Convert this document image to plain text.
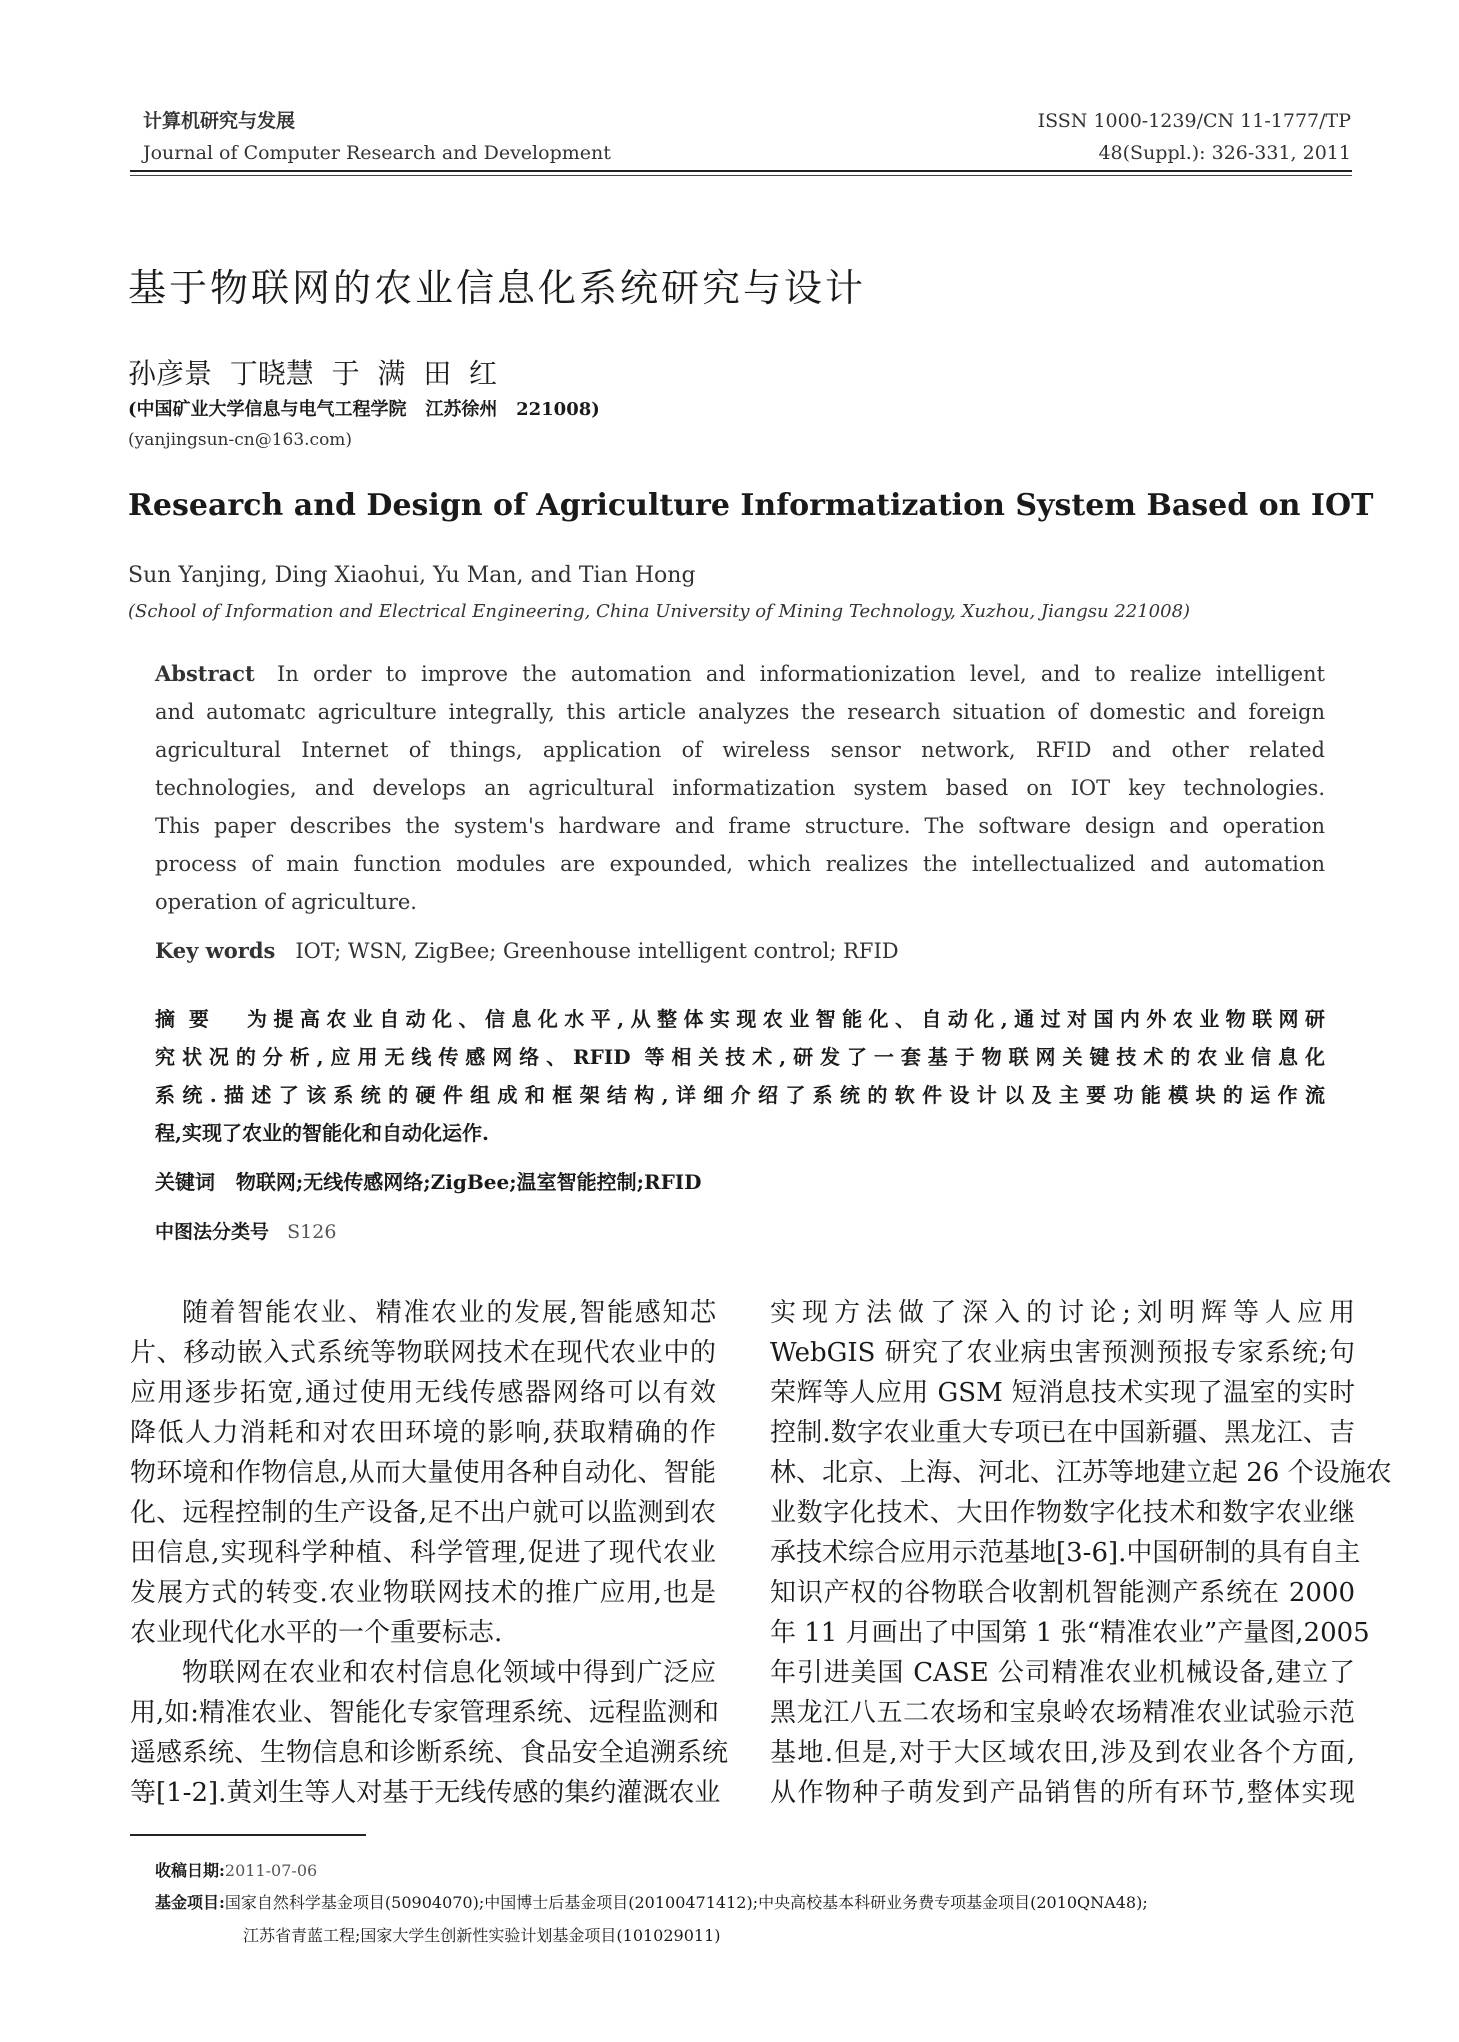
计算机研究与发展
Journal of Computer Research and Development
ISSN 1000-1239/CN 11-1777/TP
48(Suppl.): 326-331, 2011
基于物联网的农业信息化系统研究与设计
孙彦景  丁晓慧  于  满  田  红
(中国矿业大学信息与电气工程学院   江苏徐州   221008)
(yanjingsun-cn@163.com)
Research and Design of Agriculture Informatization System Based on IOT
Sun Yanjing, Ding Xiaohui, Yu Man, and Tian Hong
(School of Information and Electrical Engineering, China University of Mining Technology, Xuzhou, Jiangsu 221008)
Abstract In order to improve the automation and informationization level, and to realize intelligent
and automatc agriculture integrally, this article analyzes the research situation of domestic and foreign
agricultural Internet of things, application of wireless sensor network, RFID and other related
technologies, and develops an agricultural informatization system based on IOT key technologies.
This paper describes the system's hardware and frame structure. The software design and operation
process of main function modules are expounded, which realizes the intellectualized and automation
operation of agriculture.
Key words IOT; WSN, ZigBee; Greenhouse intelligent control; RFID
摘  要 为提高农业自动化、信息化水平,从整体实现农业智能化、自动化,通过对国内外农业物联网研
究状况的分析,应用无线传感网络、RFID 等相关技术,研发了一套基于物联网关键技术的农业信息化
系统.描述了该系统的硬件组成和框架结构,详细介绍了系统的软件设计以及主要功能模块的运作流
程,实现了农业的智能化和自动化运作.
关键词 物联网;无线传感网络;ZigBee;温室智能控制;RFID
中图法分类号 S126
随着智能农业、精准农业的发展,智能感知芯
片、移动嵌入式系统等物联网技术在现代农业中的
应用逐步拓宽,通过使用无线传感器网络可以有效
降低人力消耗和对农田环境的影响,获取精确的作
物环境和作物信息,从而大量使用各种自动化、智能
化、远程控制的生产设备,足不出户就可以监测到农
田信息,实现科学种植、科学管理,促进了现代农业
发展方式的转变.农业物联网技术的推广应用,也是
农业现代化水平的一个重要标志.
物联网在农业和农村信息化领域中得到广泛应
用,如:精准农业、智能化专家管理系统、远程监测和
遥感系统、生物信息和诊断系统、食品安全追溯系统
等[1-2].黄刘生等人对基于无线传感的集约灌溉农业
实现方法做了深入的讨论;刘明辉等人应用
WebGIS 研究了农业病虫害预测预报专家系统;句
荣辉等人应用 GSM 短消息技术实现了温室的实时
控制.数字农业重大专项已在中国新疆、黑龙江、吉
林、北京、上海、河北、江苏等地建立起 26 个设施农
业数字化技术、大田作物数字化技术和数字农业继
承技术综合应用示范基地[3-6].中国研制的具有自主
知识产权的谷物联合收割机智能测产系统在 2000
年 11 月画出了中国第 1 张“精准农业”产量图,2005
年引进美国 CASE 公司精准农业机械设备,建立了
黑龙江八五二农场和宝泉岭农场精准农业试验示范
基地.但是,对于大区域农田,涉及到农业各个方面,
从作物种子萌发到产品销售的所有环节,整体实现
收稿日期:2011-07-06
基金项目:国家自然科学基金项目(50904070);中国博士后基金项目(20100471412);中央高校基本科研业务费专项基金项目(2010QNA48);
江苏省青蓝工程;国家大学生创新性实验计划基金项目(101029011)
